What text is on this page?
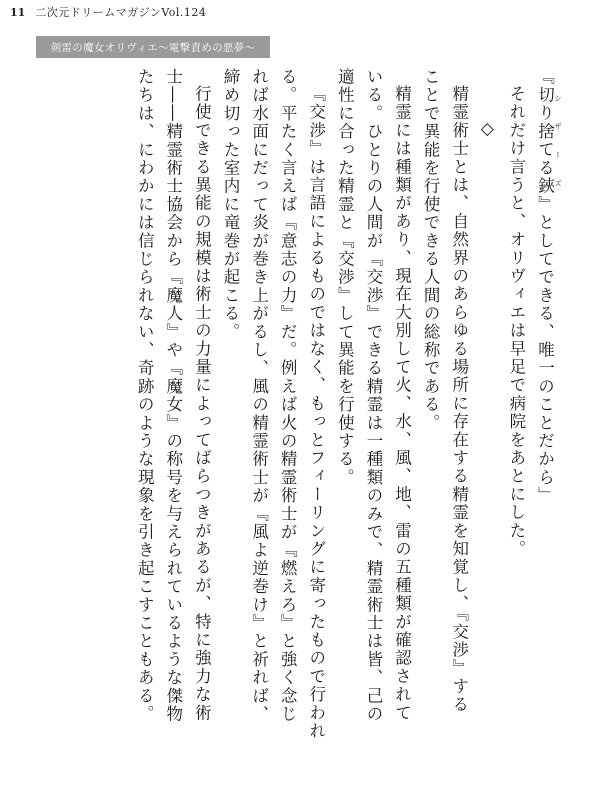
11 二次元ドリームマガジンVol.124
剣雷の魔女オリヴィエ〜電撃責めの悪夢〜
『切り捨てる鋏 シザーズ』としてできる、唯一のことだから」
それだけ言うと、オリヴィエは早足で病院をあとにした。
◇
精霊術士とは、自然界のあらゆる場所に存在する精霊を知覚し、『交渉』する
ことで異能を行使できる人間の総称である。
精霊には種類があり、現在大別して火、水、風、地、雷の五種類が確認されて
いる。ひとりの人間が『交渉』できる精霊は一種類のみで、精霊術士は皆、己の
適性に合った精霊と『交渉』して異能を行使する。
『交渉』は言語によるものではなく、もっとフィーリングに寄ったもので行われ
る。平たく言えば『意志の力』だ。例えば火の精霊術士が『燃えろ』と強く念じ
れば水面にだって炎が巻き上がるし、風の精霊術士が『風よ逆巻け』と祈れば、
締め切った室内に竜巻が起こる。
行使できる異能の規模は術士の力量によってばらつきがあるが、特に強力な術
士――精霊術士協会から『魔人』や『魔女』の称号を与えられているような傑物
たちは、にわかには信じられない、奇跡のような現象を引き起こすこともある。
